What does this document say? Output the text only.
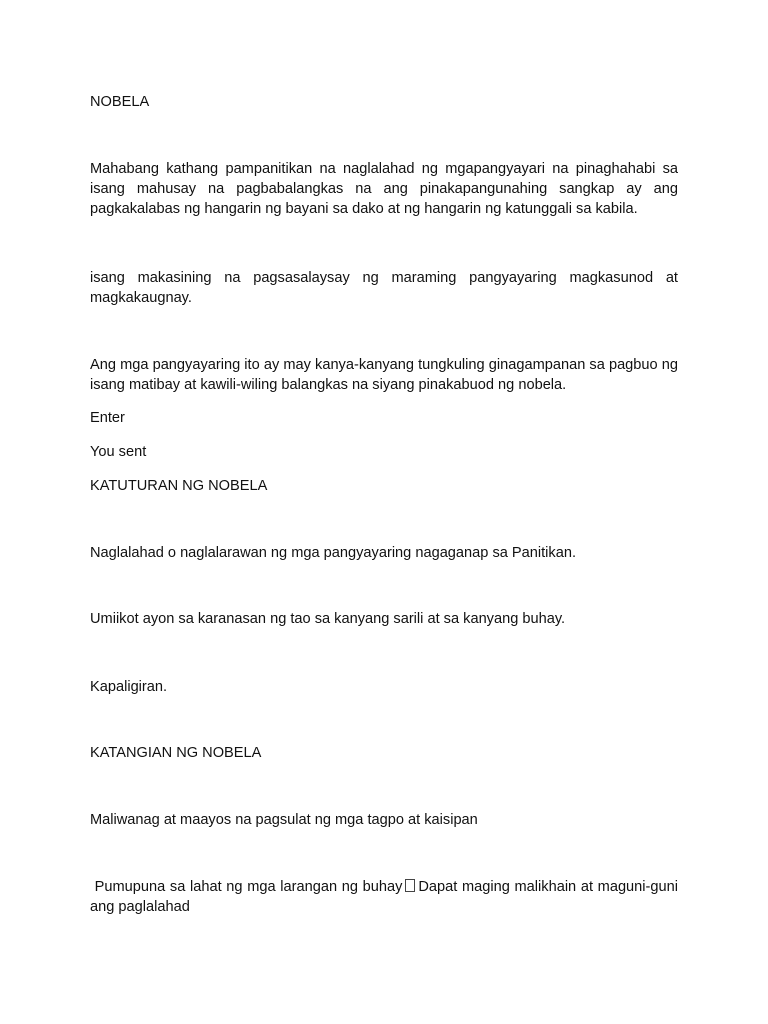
NOBELA

Mahabang kathang pampanitikan na naglalahad ng mgapangyayari na pinaghahabi sa isang mahusay na pagbabalangkas na ang pinakapangunahing sangkap ay ang pagkakalabas ng hangarin ng bayani sa dako at ng hangarin ng katunggali sa kabila.

isang makasining na pagsasalaysay ng maraming pangyayaring magkasunod at magkakaugnay.

Ang mga pangyayaring ito ay may kanya-kanyang tungkuling ginagampanan sa pagbuo ng isang matibay at kawili-wiling balangkas na siyang pinakabuod ng nobela.

Enter

You sent

KATUTURAN NG NOBELA

Naglalahad o naglalarawan ng mga pangyayaring nagaganap sa Panitikan.

Umiikot ayon sa karanasan ng tao sa kanyang sarili at sa kanyang buhay.

Kapaligiran.

KATANGIAN NG NOBELA

Maliwanag at maayos na pagsulat ng mga tagpo at kaisipan

Pumupuna sa lahat ng mga larangan ng buhay Dapat maging malikhain at maguni-guni ang paglalahad
